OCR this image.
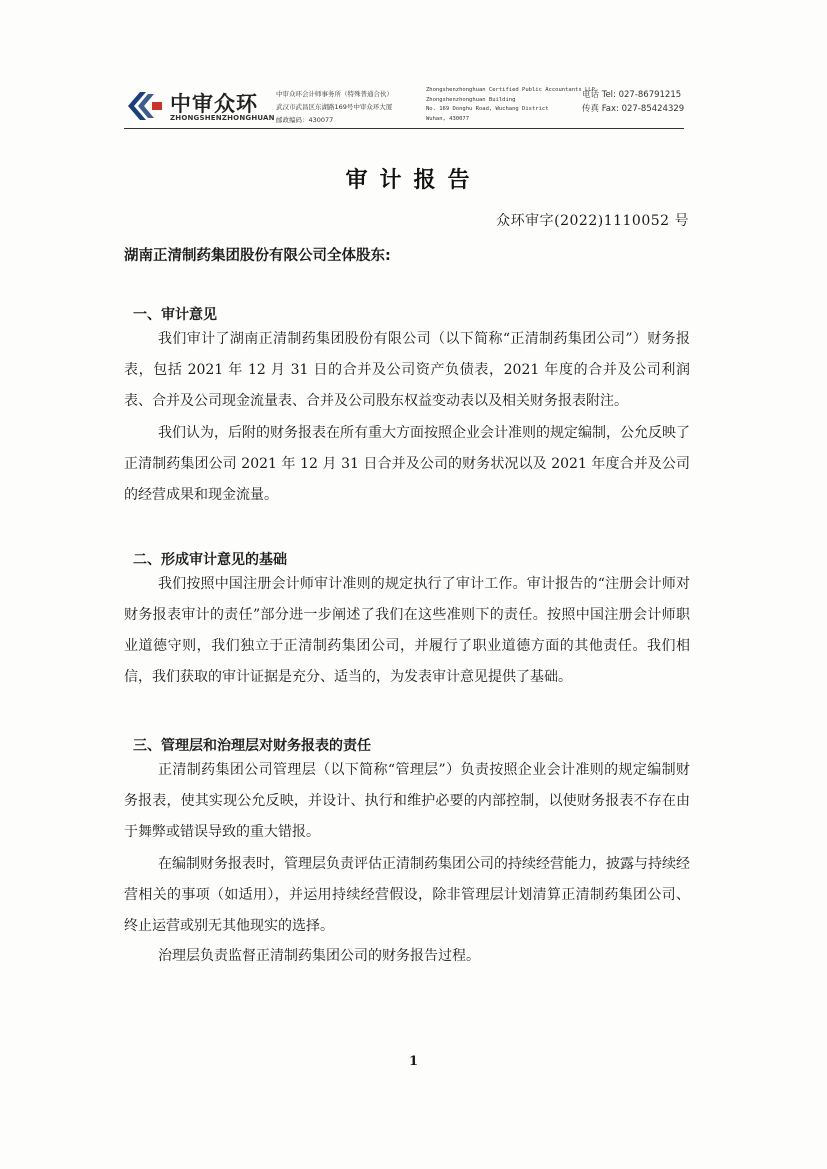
中审众环
ZHONGSHENZHONGHUAN
中审众环会计师事务所（特殊普通合伙）
武汉市武昌区东湖路169号中审众环大厦
邮政编码：430077
Zhongshenzhonghuan Certified Public Accountants LLP
Zhongshenzhonghuan Building
No. 169 Donghu Road, Wuchang District
Wuhan, 430077
电话 Tel: 027-86791215
传真 Fax: 027-85424329
审计报告
众环审字(2022)1110052 号
湖南正清制药集团股份有限公司全体股东:
一、审计意见
我们审计了湖南正清制药集团股份有限公司（以下简称“正清制药集团公司”）财务报表，包括 2021 年 12 月 31 日的合并及公司资产负债表，2021 年度的合并及公司利润表、合并及公司现金流量表、合并及公司股东权益变动表以及相关财务报表附注。
我们认为，后附的财务报表在所有重大方面按照企业会计准则的规定编制，公允反映了正清制药集团公司 2021 年 12 月 31 日合并及公司的财务状况以及 2021 年度合并及公司的经营成果和现金流量。
二、形成审计意见的基础
我们按照中国注册会计师审计准则的规定执行了审计工作。审计报告的“注册会计师对财务报表审计的责任”部分进一步阐述了我们在这些准则下的责任。按照中国注册会计师职业道德守则，我们独立于正清制药集团公司，并履行了职业道德方面的其他责任。我们相信，我们获取的审计证据是充分、适当的，为发表审计意见提供了基础。
三、管理层和治理层对财务报表的责任
正清制药集团公司管理层（以下简称“管理层”）负责按照企业会计准则的规定编制财务报表，使其实现公允反映，并设计、执行和维护必要的内部控制，以使财务报表不存在由于舞弊或错误导致的重大错报。
在编制财务报表时，管理层负责评估正清制药集团公司的持续经营能力，披露与持续经营相关的事项（如适用），并运用持续经营假设，除非管理层计划清算正清制药集团公司、终止运营或别无其他现实的选择。
治理层负责监督正清制药集团公司的财务报告过程。
1
